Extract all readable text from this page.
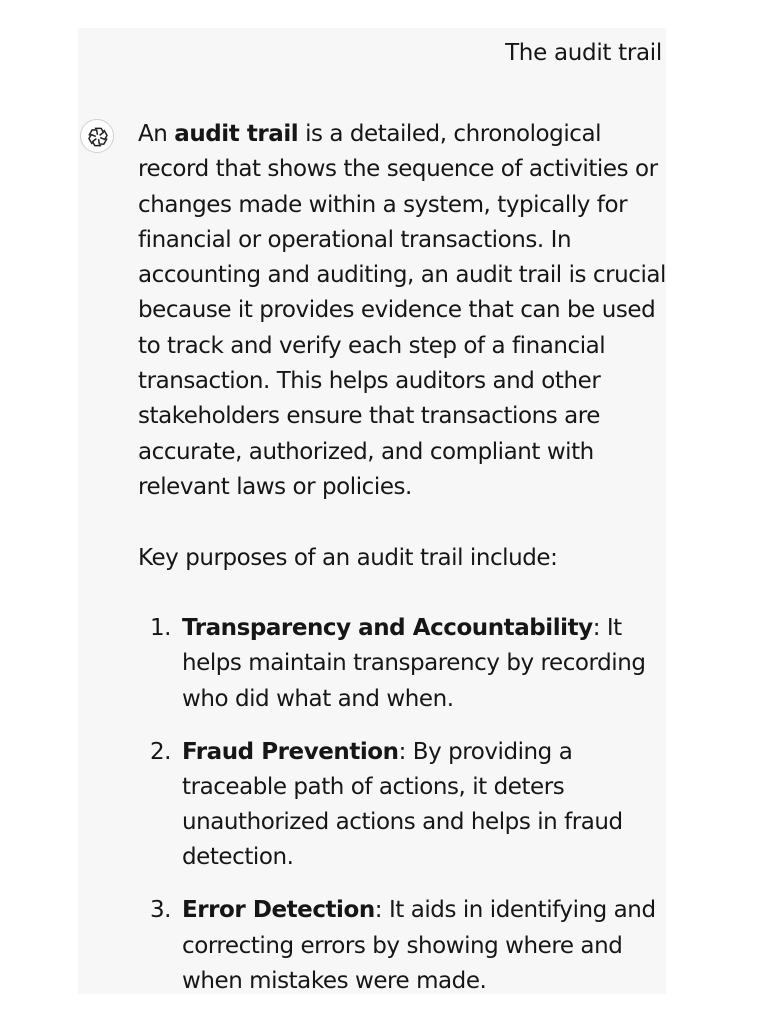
The audit trail

An audit trail is a detailed, chronological record that shows the sequence of activities or changes made within a system, typically for financial or operational transactions. In accounting and auditing, an audit trail is crucial because it provides evidence that can be used to track and verify each step of a financial transaction. This helps auditors and other stakeholders ensure that transactions are accurate, authorized, and compliant with relevant laws or policies.

Key purposes of an audit trail include:

1. Transparency and Accountability: It helps maintain transparency by recording who did what and when.
2. Fraud Prevention: By providing a traceable path of actions, it deters unauthorized actions and helps in fraud detection.
3. Error Detection: It aids in identifying and correcting errors by showing where and when mistakes were made.
